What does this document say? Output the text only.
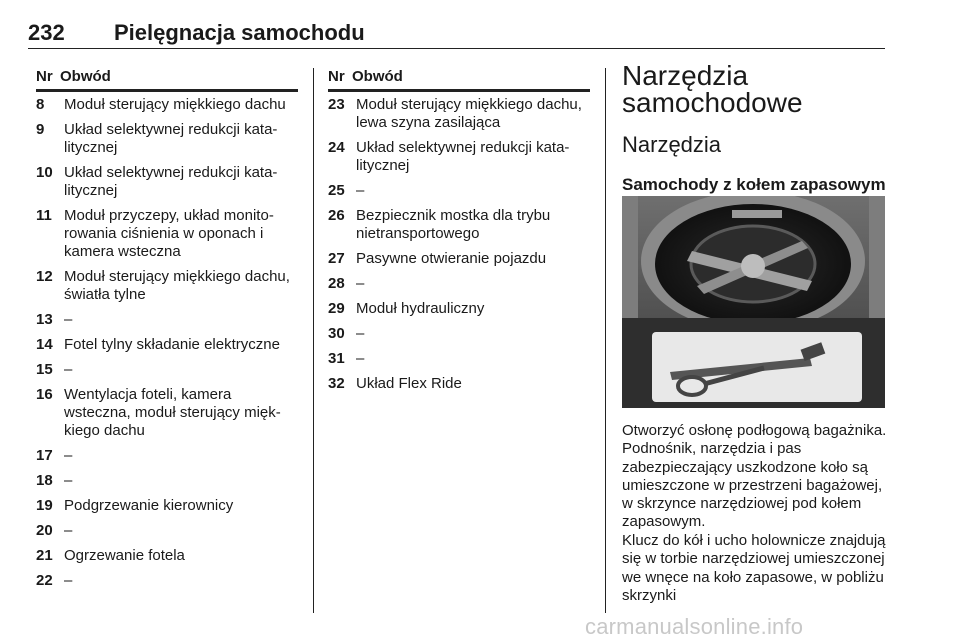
232 Pielęgnacja samochodu
Nr Obwód
8	Moduł sterujący miękkiego dachu
9	Układ selektywnej redukcji kata- litycznej
10 Układ selektywnej redukcji kata- litycznej
11 Moduł przyczepy, układ monito- rowania ciśnienia w oponach i kamera wsteczna
12 Moduł sterujący miękkiego dachu, światła tylne
13 –
14 Fotel tylny składanie elektryczne
15 –
16 Wentylacja foteli, kamera wsteczna, moduł sterujący mięk- kiego dachu
17 –
18 –
19 Podgrzewanie kierownicy
20 –
21 Ogrzewanie fotela
22 –
Nr Obwód
23 Moduł sterujący miękkiego dachu, lewa szyna zasilająca
24 Układ selektywnej redukcji kata- litycznej
25 –
26 Bezpiecznik mostka dla trybu nietransportowego
27 Pasywne otwieranie pojazdu
28 –
29 Moduł hydrauliczny
30 –
31 –
32 Układ Flex Ride
Narzędzia samochodowe
Narzędzia
Samochody z kołem zapasowym
Otworzyć osłonę podłogową bagażnika. Podnośnik, narzędzia i pas zabezpieczający uszkodzone koło są umieszczone w przestrzeni bagażowej, w skrzynce narzędziowej pod kołem zapasowym.
Klucz do kół i ucho holownicze znajdują się w torbie narzędziowej umieszczonej we wnęce na koło zapasowe, w pobliżu skrzynki
carmanualsonline.info
